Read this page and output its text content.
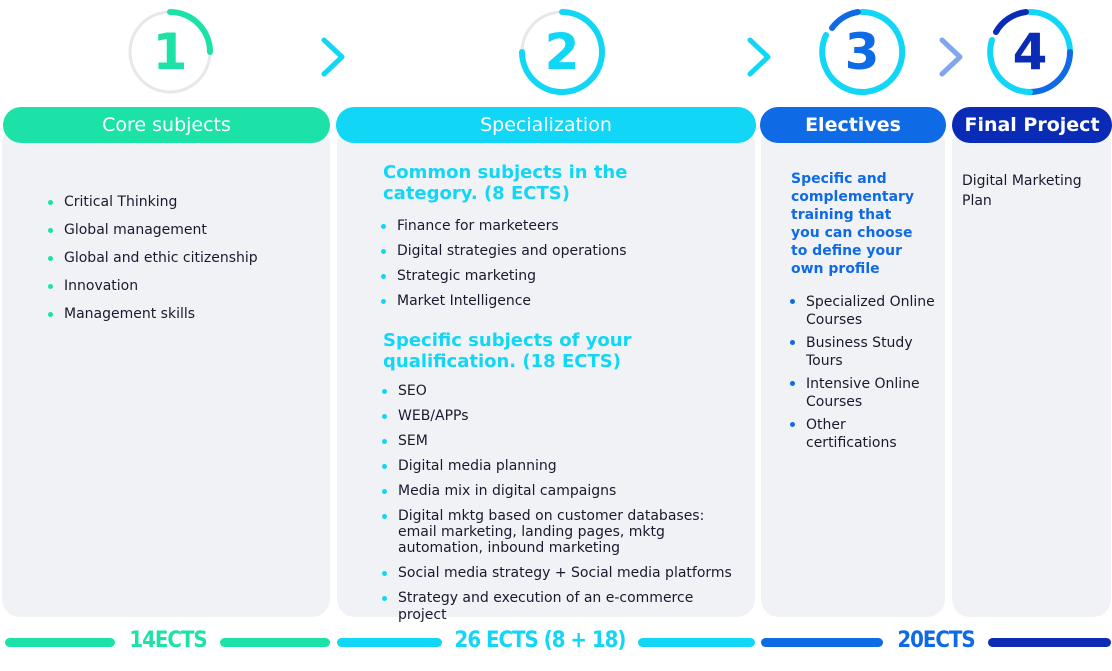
1	2	3	4
Core subjects	Specialization	Electives	Final Project
Critical Thinking
Global management
Global and ethic citizenship
Innovation
Management skills
Common subjects in the category. (8 ECTS)
Finance for marketeers
Digital strategies and operations
Strategic marketing
Market Intelligence
Specific subjects of your qualification. (18 ECTS)
SEO
WEB/APPs
SEM
Digital media planning
Media mix in digital campaigns
Digital mktg based on customer databases: email marketing, landing pages, mktg automation, inbound marketing
Social media strategy + Social media platforms
Strategy and execution of an e-commerce project
Specific and complementary training that you can choose to define your own profile
Specialized Online Courses
Business Study Tours
Intensive Online Courses
Other certifications
Digital Marketing Plan
14ECTS	26 ECTS (8 + 18)	20ECTS
